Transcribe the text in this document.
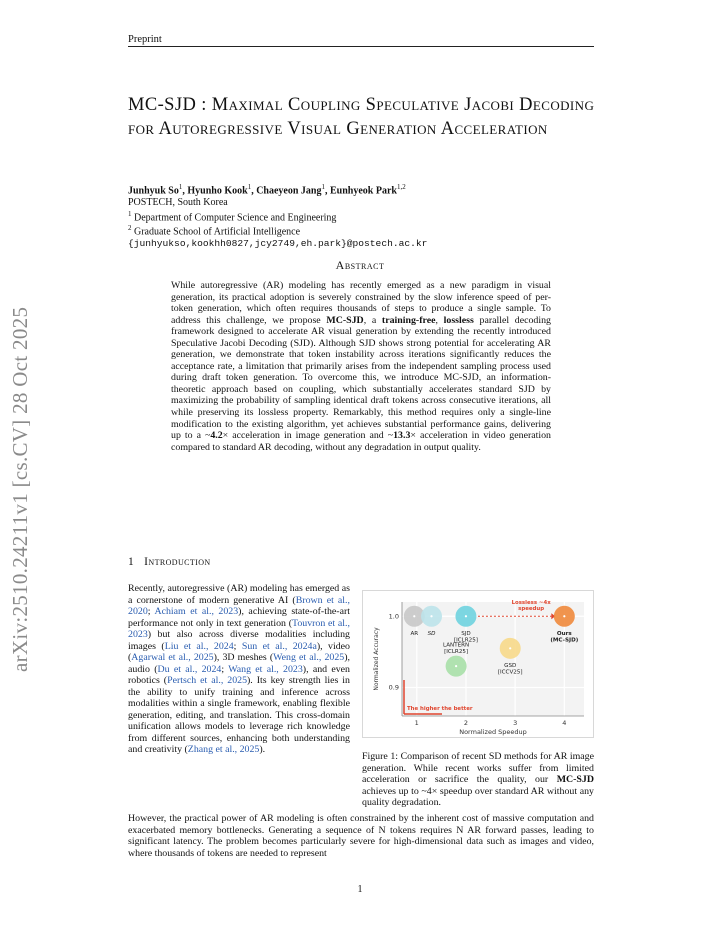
Preprint
arXiv:2510.24211v1 [cs.CV] 28 Oct 2025
MC-SJD : Maximal Coupling Speculative Jacobi Decoding for Autoregressive Visual Generation Acceleration
Junhyuk So$^1$, Hyunho Kook$^1$, Chaeyeon Jang$^1$, Eunhyeok Park$^{1,2}$
POSTECH, South Korea
$^1$ Department of Computer Science and Engineering
$^2$ Graduate School of Artificial Intelligence
{junhyukso,kookhh0827,jcy2749,eh.park}@postech.ac.kr
Abstract
While autoregressive (AR) modeling has recently emerged as a new paradigm in visual generation, its practical adoption is severely constrained by the slow inference speed of per-token generation, which often requires thousands of steps to produce a single sample. To address this challenge, we propose MC-SJD, a training-free, lossless parallel decoding framework designed to accelerate AR visual generation by extending the recently introduced Speculative Jacobi Decoding (SJD). Although SJD shows strong potential for accelerating AR generation, we demonstrate that token instability across iterations significantly reduces the acceptance rate, a limitation that primarily arises from the independent sampling process used during draft token generation. To overcome this, we introduce MC-SJD, an information-theoretic approach based on coupling, which substantially accelerates standard SJD by maximizing the probability of sampling identical draft tokens across consecutive iterations, all while preserving its lossless property. Remarkably, this method requires only a single-line modification to the existing algorithm, yet achieves substantial performance gains, delivering up to a ~4.2× acceleration in image generation and ~13.3× acceleration in video generation compared to standard AR decoding, without any degradation in output quality.
1 Introduction
Recently, autoregressive (AR) modeling has emerged as a cornerstone of modern generative AI (Brown et al., 2020; Achiam et al., 2023), achieving state-of-the-art performance not only in text generation (Touvron et al., 2023) but also across diverse modalities including images (Liu et al., 2024; Sun et al., 2024a), video (Agarwal et al., 2025), 3D meshes (Weng et al., 2025), audio (Du et al., 2024; Wang et al., 2023), and even robotics (Pertsch et al., 2025). Its key strength lies in the ability to unify training and inference across modalities within a single framework, enabling flexible generation, editing, and translation. This cross-domain unification allows models to leverage rich knowledge from different sources, enhancing both understanding and creativity (Zhang et al., 2025).
1	2	3	4
1.0
0.9
Normalized Speedup
Normalized Accuracy
Lossless ~4x speedup
The higher the better
AR SD	SJD
[ICLR25]
LANTERN
[ICLR25]
GSD
[ICCV25]
Ours
(MC-SJD)
Figure 1: Comparison of recent SD methods for AR image generation. While recent works suffer from limited acceleration or sacrifice the quality, our MC-SJD achieves up to ~4× speedup over standard AR without any quality degradation.
However, the practical power of AR modeling is often constrained by the inherent cost of massive computation and exacerbated memory bottlenecks. Generating a sequence of N tokens requires N AR forward passes, leading to significant latency. The problem becomes particularly severe for high-dimensional data such as images and video, where thousands of tokens are needed to represent
1
